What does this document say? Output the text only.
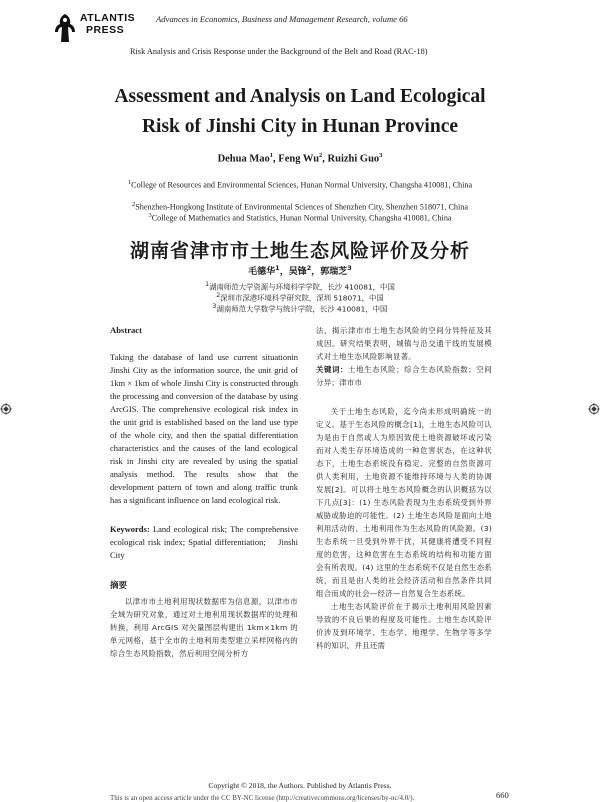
ATLANTIS
PRESS
Advances in Economics, Business and Management Research, volume 66
Risk Analysis and Crisis Response under the Background of the Belt and Road (RAC-18)
Assessment and Analysis on Land Ecological
Risk of Jinshi City in Hunan Province
Dehua Mao$^1$, Feng Wu$^2$, Ruizhi Guo$^3$
$^1$College of Resources and Environmental Sciences, Hunan Normal University, Changsha 410081, China
$^2$Shenzhen-Hongkong Institute of Environmental Sciences of Shenzhen City, Shenzhen 518071, China
$^3$College of Mathematics and Statistics, Hunan Normal University, Changsha 410081, China
湖南省津市市土地生态风险评价及分析
毛德华$^1$，吴锋$^2$，郭瑞芝$^3$
$^1$湖南师范大学资源与环境科学学院，长沙 410081，中国
$^2$深圳市深港环境科学研究院，深圳 518071，中国
$^3$湖南师范大学数学与统计学院，长沙 410081，中国
Abstract
Taking the database of land use current situationin Jinshi City as the information source, the unit grid of 1km × 1km of whole Jinshi City is constructed through the processing and conversion of the database by using ArcGIS. The comprehensive ecological risk index in the unit grid is established based on the land use type of the whole city, and then the spatial differentiation characteristics and the causes of the land ecological risk in Jinshi city are revealed by using the spatial analysis method. The results show that the development pattern of town and along traffic trunk has a significant influence on land ecological risk.
Keywords: Land ecological risk; The comprehensive ecological risk index; Spatial differentiation;    Jinshi City
摘要
以津市市土地利用现状数据库为信息源，以津市市全域为研究对象，通过对土地利用现状数据库的处理和转换，利用 ArcGIS 对矢量图层构建出 1km×1km 的单元网格，基于全市的土地利用类型建立采样网格内的综合生态风险指数，然后利用空间分析方

法，揭示津市市土地生态风险的空间分异特征及其成因。研究结果表明，城镇与沿交通干线的发展模式对土地生态风险影响显著。

关键词：土地生态风险；综合生态风险指数；空间分异；津市市

关于土地生态风险，迄今尚未形成明确统一的定义。基于生态风险的概念[1]，土地生态风险可认为是由于自然或人为原因致使土地资源破坏或污染而对人类生存环境造成的一种危害状态，在这种状态下，土地生态系统没有稳定、完整的自然资源可供人类利用，土地资源不能维持环境与人类的协调发展[2]。可以将土地生态风险概念的认识概括为以下几点[3]：(1) 生态风险表现为生态系统受到外界威胁或胁迫的可能性。(2) 土地生态风险是面向土地利用活动的、土地利用作为生态风险的风险源。(3) 生态系统一旦受到外界干扰，其健康将遭受不同程度的危害，这种危害在生态系统的结构和功能方面会有所表现。(4) 这里的生态系统不仅是自然生态系统，而且是由人类的社会经济活动和自然条件共同组合而成的社会—经济—自然复合生态系统。

土地生态风险评价在于揭示土地利用风险因素导致的不良后果的程度及可能性。土地生态风险评价涉及到环境学、生态学、地理学、生物学等多学科的知识，并且还需

Copyright © 2018, the Authors. Published by Atlantis Press.
This is an open access article under the CC BY-NC license (http://creativecommons.org/licenses/by-nc/4.0/).	660
